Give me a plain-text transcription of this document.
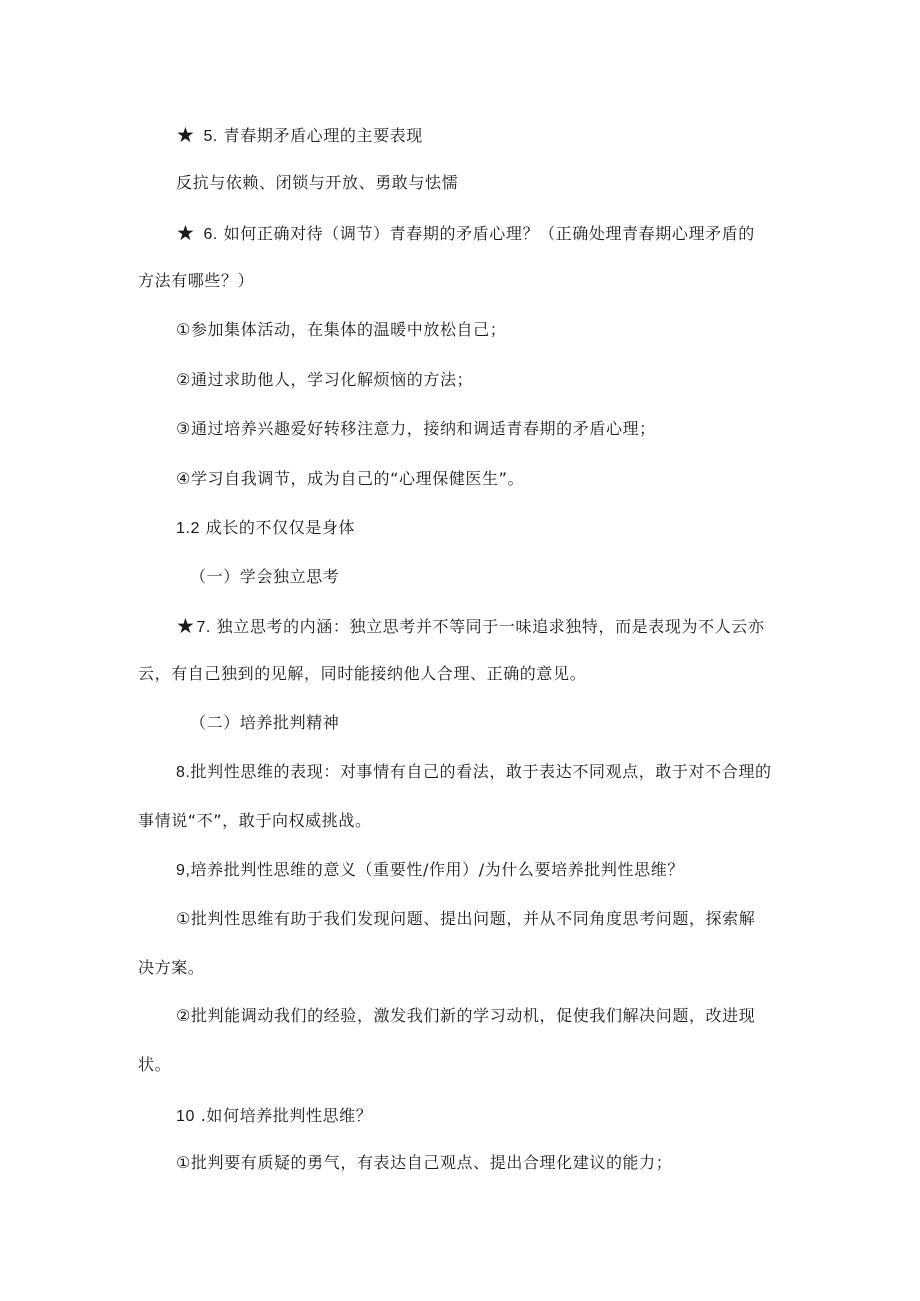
★ 5. 青春期矛盾心理的主要表现
反抗与依赖、闭锁与开放、勇敢与怯懦
★ 6. 如何正确对待（调节）青春期的矛盾心理？（正确处理青春期心理矛盾的
方法有哪些？）
①参加集体活动，在集体的温暖中放松自己；
②通过求助他人，学习化解烦恼的方法；
③通过培养兴趣爱好转移注意力，接纳和调适青春期的矛盾心理；
④学习自我调节，成为自己的“心理保健医生”。
1.2 成长的不仅仅是身体
（一）学会独立思考
★7. 独立思考的内涵：独立思考并不等同于一味追求独特，而是表现为不人云亦
云，有自己独到的见解，同时能接纳他人合理、正确的意见。
（二）培养批判精神
8.批判性思维的表现：对事情有自己的看法，敢于表达不同观点，敢于对不合理的
事情说“不”，敢于向权威挑战。
9,培养批判性思维的意义（重要性/作用）/为什么要培养批判性思维？
①批判性思维有助于我们发现问题、提出问题，并从不同角度思考问题，探索解
决方案。
②批判能调动我们的经验，激发我们新的学习动机，促使我们解决问题，改进现
状。
10 .如何培养批判性思维？
①批判要有质疑的勇气，有表达自己观点、提出合理化建议的能力；
